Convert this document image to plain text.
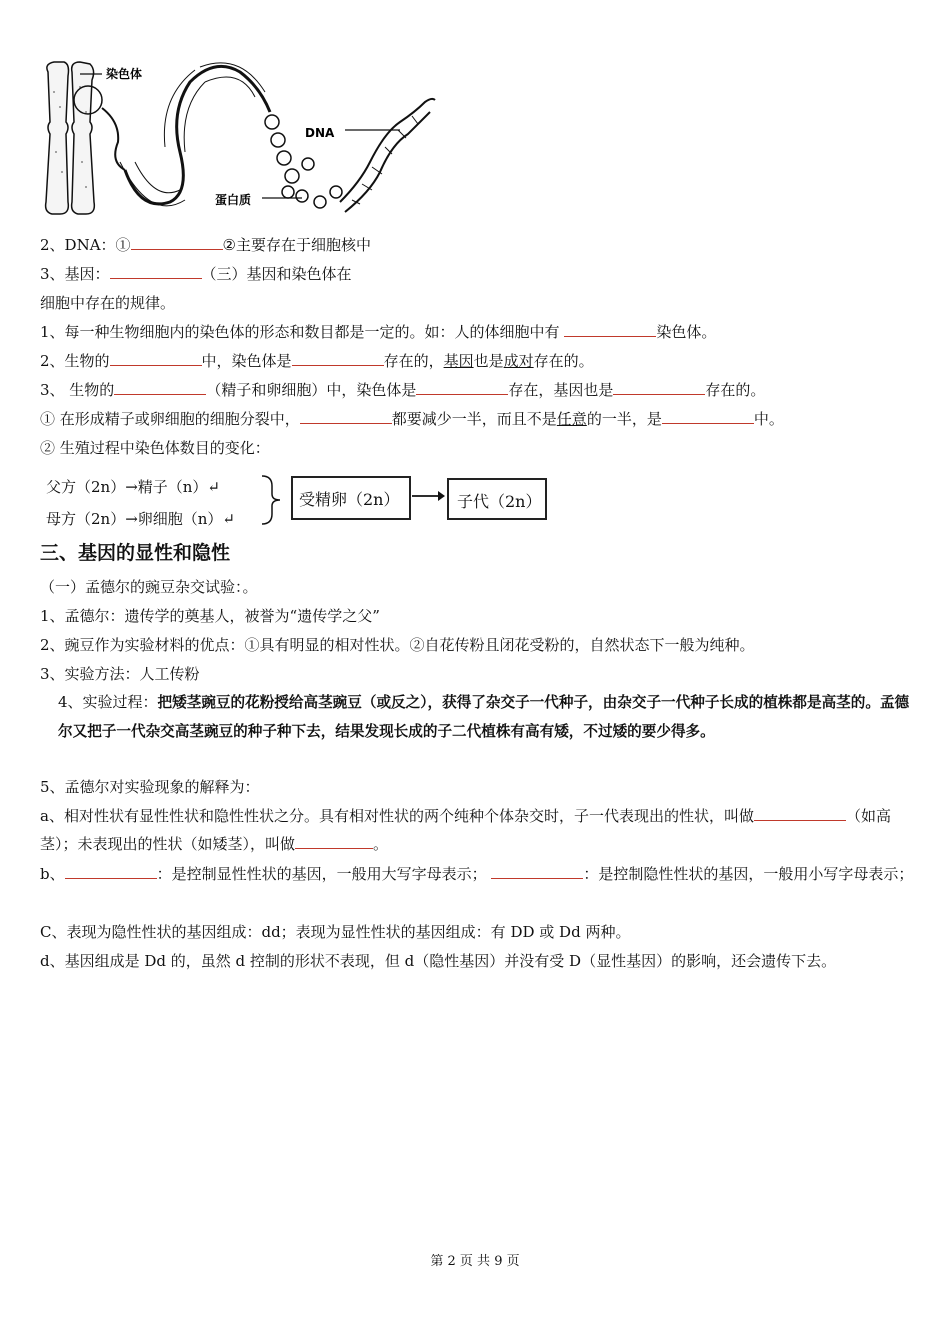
染色体
DNA
蛋白质
2、DNA：①	②主要存在于细胞核中
3、基因：	（三）基因和染色体在
细胞中存在的规律。
1、每一种生物细胞内的染色体的形态和数目都是一定的。如：人的体细胞中有	染色体。
2、生物的	中，染色体是	存在的，基因也是成对存在的。
3、 生物的	（精子和卵细胞）中，染色体是	存在，基因也是	存在的。
① 在形成精子或卵细胞的细胞分裂中，	都要减少一半，而且不是任意的一半，是	中。
② 生殖过程中染色体数目的变化：
父方（2n）→精子（n）↵
母方（2n）→卵细胞（n）↵
受精卵（2n）	子代（2n）
三、基因的显性和隐性
（一）孟德尔的豌豆杂交试验：。
1、孟德尔：遗传学的奠基人，被誉为“遗传学之父”
2、豌豆作为实验材料的优点：①具有明显的相对性状。②自花传粉且闭花受粉的，自然状态下一般为纯种。
3、实验方法：人工传粉
4、实验过程：把矮茎豌豆的花粉授给高茎豌豆（或反之），获得了杂交子一代种子，由杂交子一代种子长成的植株都是高茎的。孟德尔又把子一代杂交高茎豌豆的种子种下去，结果发现长成的子二代植株有高有矮，不过矮的要少得多。
5、孟德尔对实验现象的解释为：
a、相对性状有显性性状和隐性性状之分。具有相对性状的两个纯种个体杂交时，子一代表现出的性状，叫做	（如高茎）；未表现出的性状（如矮茎），叫做	。
b、	：是控制显性性状的基因，一般用大写字母表示；	：是控制隐性性状的基因，一般用小写字母表示；
C、表现为隐性性状的基因组成：dd；表现为显性性状的基因组成：有 DD 或 Dd 两种。
d、基因组成是 Dd 的，虽然 d 控制的形状不表现，但 d（隐性基因）并没有受 D（显性基因）的影响，还会遗传下去。
第 2 页 共 9 页
